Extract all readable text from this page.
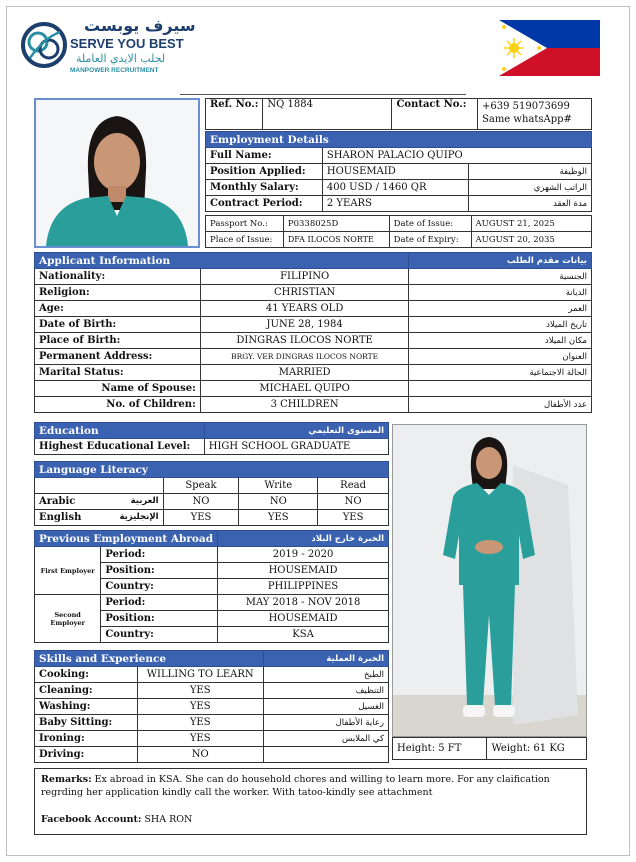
سيرف يوبست
SERVE YOU BEST
لجلب الايدي العاملة
MANPOWER RECRUITMENT
Ref. No.:	NQ 1884	Contact No.:	+639 519073699
Same whatsApp#
Employment Details		
Full Name:	SHARON PALACIO QUIPO	
Position Applied:	HOUSEMAID	الوظيفة
Monthly Salary:	400 USD / 1460 QR	الراتب الشهري
Contract Period:	2 YEARS	مدة العقد
Passport No.:	P0338025D	Date of Issue:	AUGUST 21, 2025
Place of Issue:	DFA ILOCOS NORTE	Date of Expiry:	AUGUST 20, 2035
Applicant Information		بيانات مقدم الطلب
Nationality:	FILIPINO	الجنسية
Religion:	CHRISTIAN	الديانة
Age:	41 YEARS OLD	العمر
Date of Birth:	JUNE 28, 1984	تاريخ الميلاد
Place of Birth:	DINGRAS ILOCOS NORTE	مكان الميلاد
Permanent Address:	BRGY. VER DINGRAS ILOCOS NORTE	العنوان
Marital Status:	MARRIED	الحالة الاجتماعية
Name of Spouse:	MICHAEL QUIPO	
No. of Children:	3 CHILDREN	عدد الأطفال
Education	المستوى التعليمي
Highest Educational Level:	HIGH SCHOOL GRADUATE
Language Literacy			
	Speak	Write	Read
Arabic العربية	NO	NO	NO
English الإنجليزية	YES	YES	YES
Previous Employment Abroad		الخبرة خارج البلاد
First Employer	Period:	2019 - 2020
	Position:	HOUSEMAID
	Country:	PHILIPPINES
Second Employer	Period:	MAY 2018 - NOV 2018
	Position:	HOUSEMAID
	Country:	KSA
Skills and Experience		الخبرة العملية
Cooking:	WILLING TO LEARN	الطبخ
Cleaning:	YES	التنظيف
Washing:	YES	الغسيل
Baby Sitting:	YES	رعاية الأطفال
Ironing:	YES	كي الملابس
Driving:	NO	
Height: 5 FT	Weight: 61 KG
Remarks: Ex abroad in KSA. She can do household chores and willing to learn more. For any claification regrding her application kindly call the worker. With tatoo-kindly see attachment
Facebook Account: SHA RON
